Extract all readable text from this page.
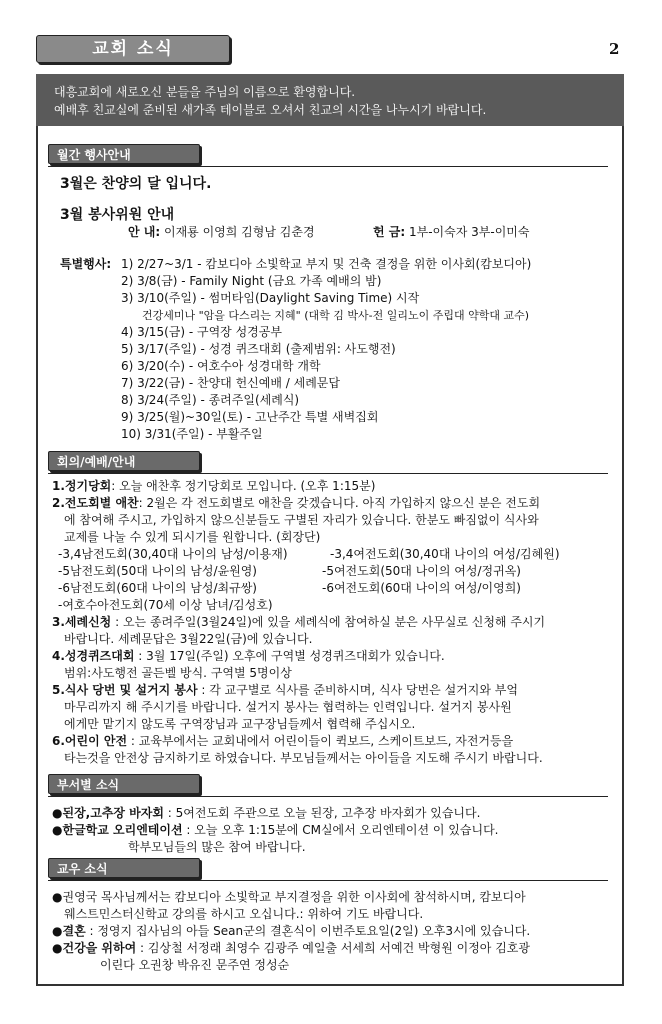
교회 소식	2
대흥교회에 새로오신 분들을 주님의 이름으로 환영합니다.
예배후 친교실에 준비된 새가족 테이블로 오셔서 친교의 시간을 나누시기 바랍니다.
월간 행사안내
3월은 찬양의 달 입니다.
3월 봉사위원 안내
안 내: 이재룡 이영희 김형남 김춘경	헌 금: 1부-이숙자 3부-이미숙
특별행사: 1) 2/27~3/1 - 캄보디아 소빛학교 부지 및 건축 결정을 위한 이사회(캄보디아)
2) 3/8(금) - Family Night (금요 가족 예배의 밤)
3) 3/10(주일) - 썸머타임(Daylight Saving Time) 시작
건강세미나 "암을 다스리는 지혜" (대학 김 박사-전 일리노이 주립대 약학대 교수)
4) 3/15(금) - 구역장 성경공부
5) 3/17(주일) - 성경 퀴즈대회 (출제범위: 사도행전)
6) 3/20(수) - 여호수아 성경대학 개학
7) 3/22(금) - 찬양대 헌신예배 / 세례문답
8) 3/24(주일) - 종려주일(세례식)
9) 3/25(월)~30일(토) - 고난주간 특별 새벽집회
10) 3/31(주일) - 부활주일
회의/예배/안내
1.정기당회: 오늘 애찬후 정기당회로 모입니다. (오후 1:15분)
2.전도회별 애찬: 2월은 각 전도회별로 애찬을 갖겠습니다. 아직 가입하지 않으신 분은 전도회
에 참여해 주시고, 가입하지 않으신분들도 구별된 자리가 있습니다. 한분도 빠짐없이 식사와
교제를 나눌 수 있게 되시기를 원합니다. (회장단)
-3,4남전도회(30,40대 나이의 남성/이용재)	-3,4여전도회(30,40대 나이의 여성/김혜원)
-5남전도회(50대 나이의 남성/윤원영)	-5여전도회(50대 나이의 여성/정귀옥)
-6남전도회(60대 나이의 남성/최규쌍)	-6여전도회(60대 나이의 여성/이영희)
-여호수아전도회(70세 이상 남녀/김성호)
3.세례신청 : 오는 종려주일(3월24일)에 있을 세례식에 참여하실 분은 사무실로 신청해 주시기
바랍니다. 세례문답은 3월22일(금)에 있습니다.
4.성경퀴즈대회 : 3월 17일(주일) 오후에 구역별 성경퀴즈대회가 있습니다.
범위:사도행전 골든벨 방식. 구역별 5명이상
5.식사 당번 및 설거지 봉사 : 각 교구별로 식사를 준비하시며, 식사 당번은 설거지와 부엌
마무리까지 해 주시기를 바랍니다. 설거지 봉사는 협력하는 인력입니다. 설거지 봉사원
에게만 맡기지 않도록 구역장님과 교구장님들께서 협력해 주십시오.
6.어린이 안전 : 교육부에서는 교회내에서 어린이들이 퀵보드, 스케이트보드, 자전거등을
타는것을 안전상 금지하기로 하였습니다. 부모님들께서는 아이들을 지도해 주시기 바랍니다.
부서별 소식
●된장,고추장 바자회 : 5여전도회 주관으로 오늘 된장, 고추장 바자회가 있습니다.
●한글학교 오리엔테이션 : 오늘 오후 1:15분에 CM실에서 오리엔테이션 이 있습니다.
학부모님들의 많은 참여 바랍니다.
교우 소식
●권영국 목사님께서는 캄보디아 소빛학교 부지결정을 위한 이사회에 참석하시며, 캄보디아
웨스트민스터신학교 강의를 하시고 오십니다.: 위하여 기도 바랍니다.
●결혼 : 정영지 집사님의 아들 Sean군의 결혼식이 이번주토요일(2일) 오후3시에 있습니다.
●건강을 위하여 : 김상철 서정래 최영수 김광주 예일출 서세희 서예건 박형원 이정아 김호광
이린다 오권창 박유진 문주연 정성순
